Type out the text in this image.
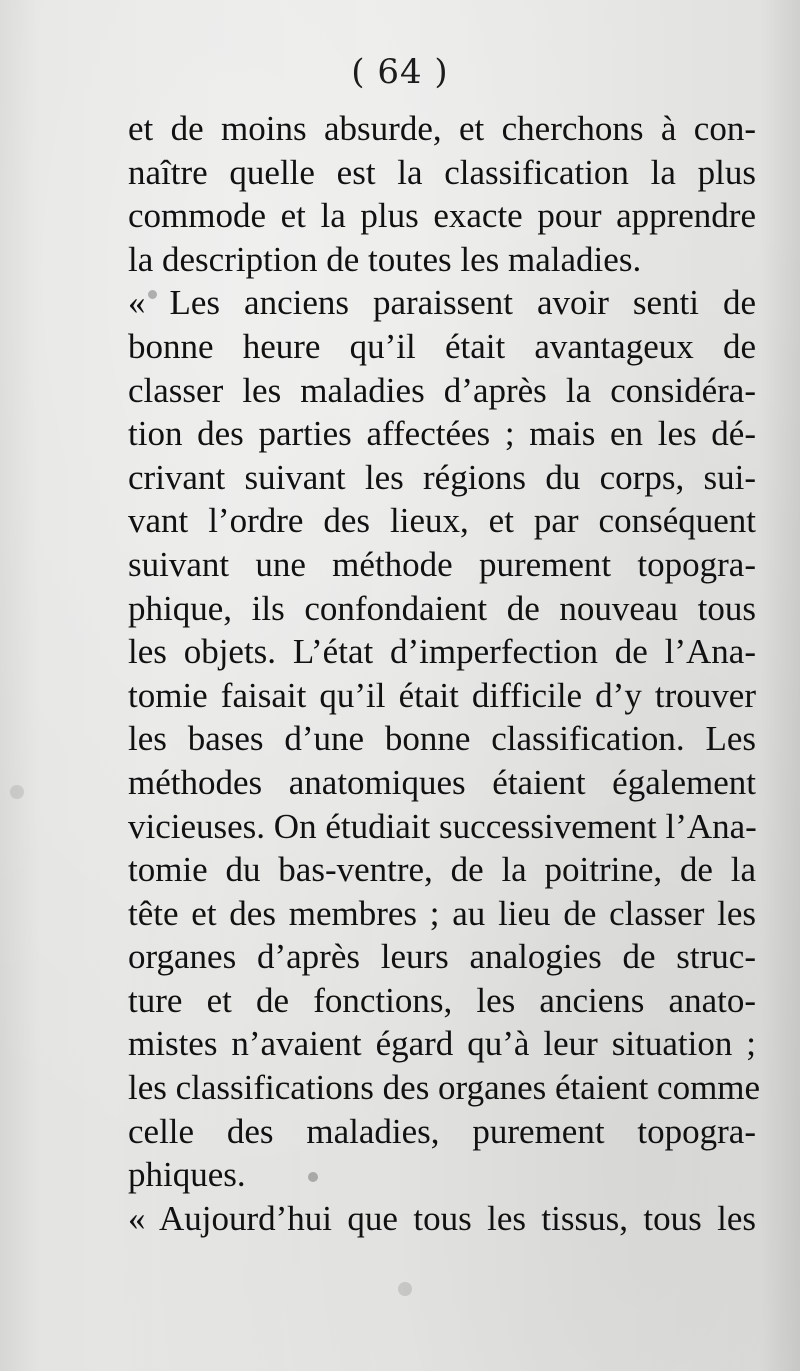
( 64 )
et de moins absurde, et cherchons à con-
naître quelle est la classification la plus
commode et la plus exacte pour apprendre
la description de toutes les maladies.
« Les anciens paraissent avoir senti de
bonne heure qu’il était avantageux de
classer les maladies d’après la considéra-
tion des parties affectées ; mais en les dé-
crivant suivant les régions du corps, sui-
vant l’ordre des lieux, et par conséquent
suivant une méthode purement topogra-
phique, ils confondaient de nouveau tous
les objets. L’état d’imperfection de l’Ana-
tomie faisait qu’il était difficile d’y trouver
les bases d’une bonne classification. Les
méthodes anatomiques étaient également
vicieuses. On étudiait successivement l’Ana-
tomie du bas-ventre, de la poitrine, de la
tête et des membres ; au lieu de classer les
organes d’après leurs analogies de struc-
ture et de fonctions, les anciens anato-
mistes n’avaient égard qu’à leur situation ;
les classifications des organes étaient comme
celle des maladies, purement topogra-
phiques.
« Aujourd’hui que tous les tissus, tous les
